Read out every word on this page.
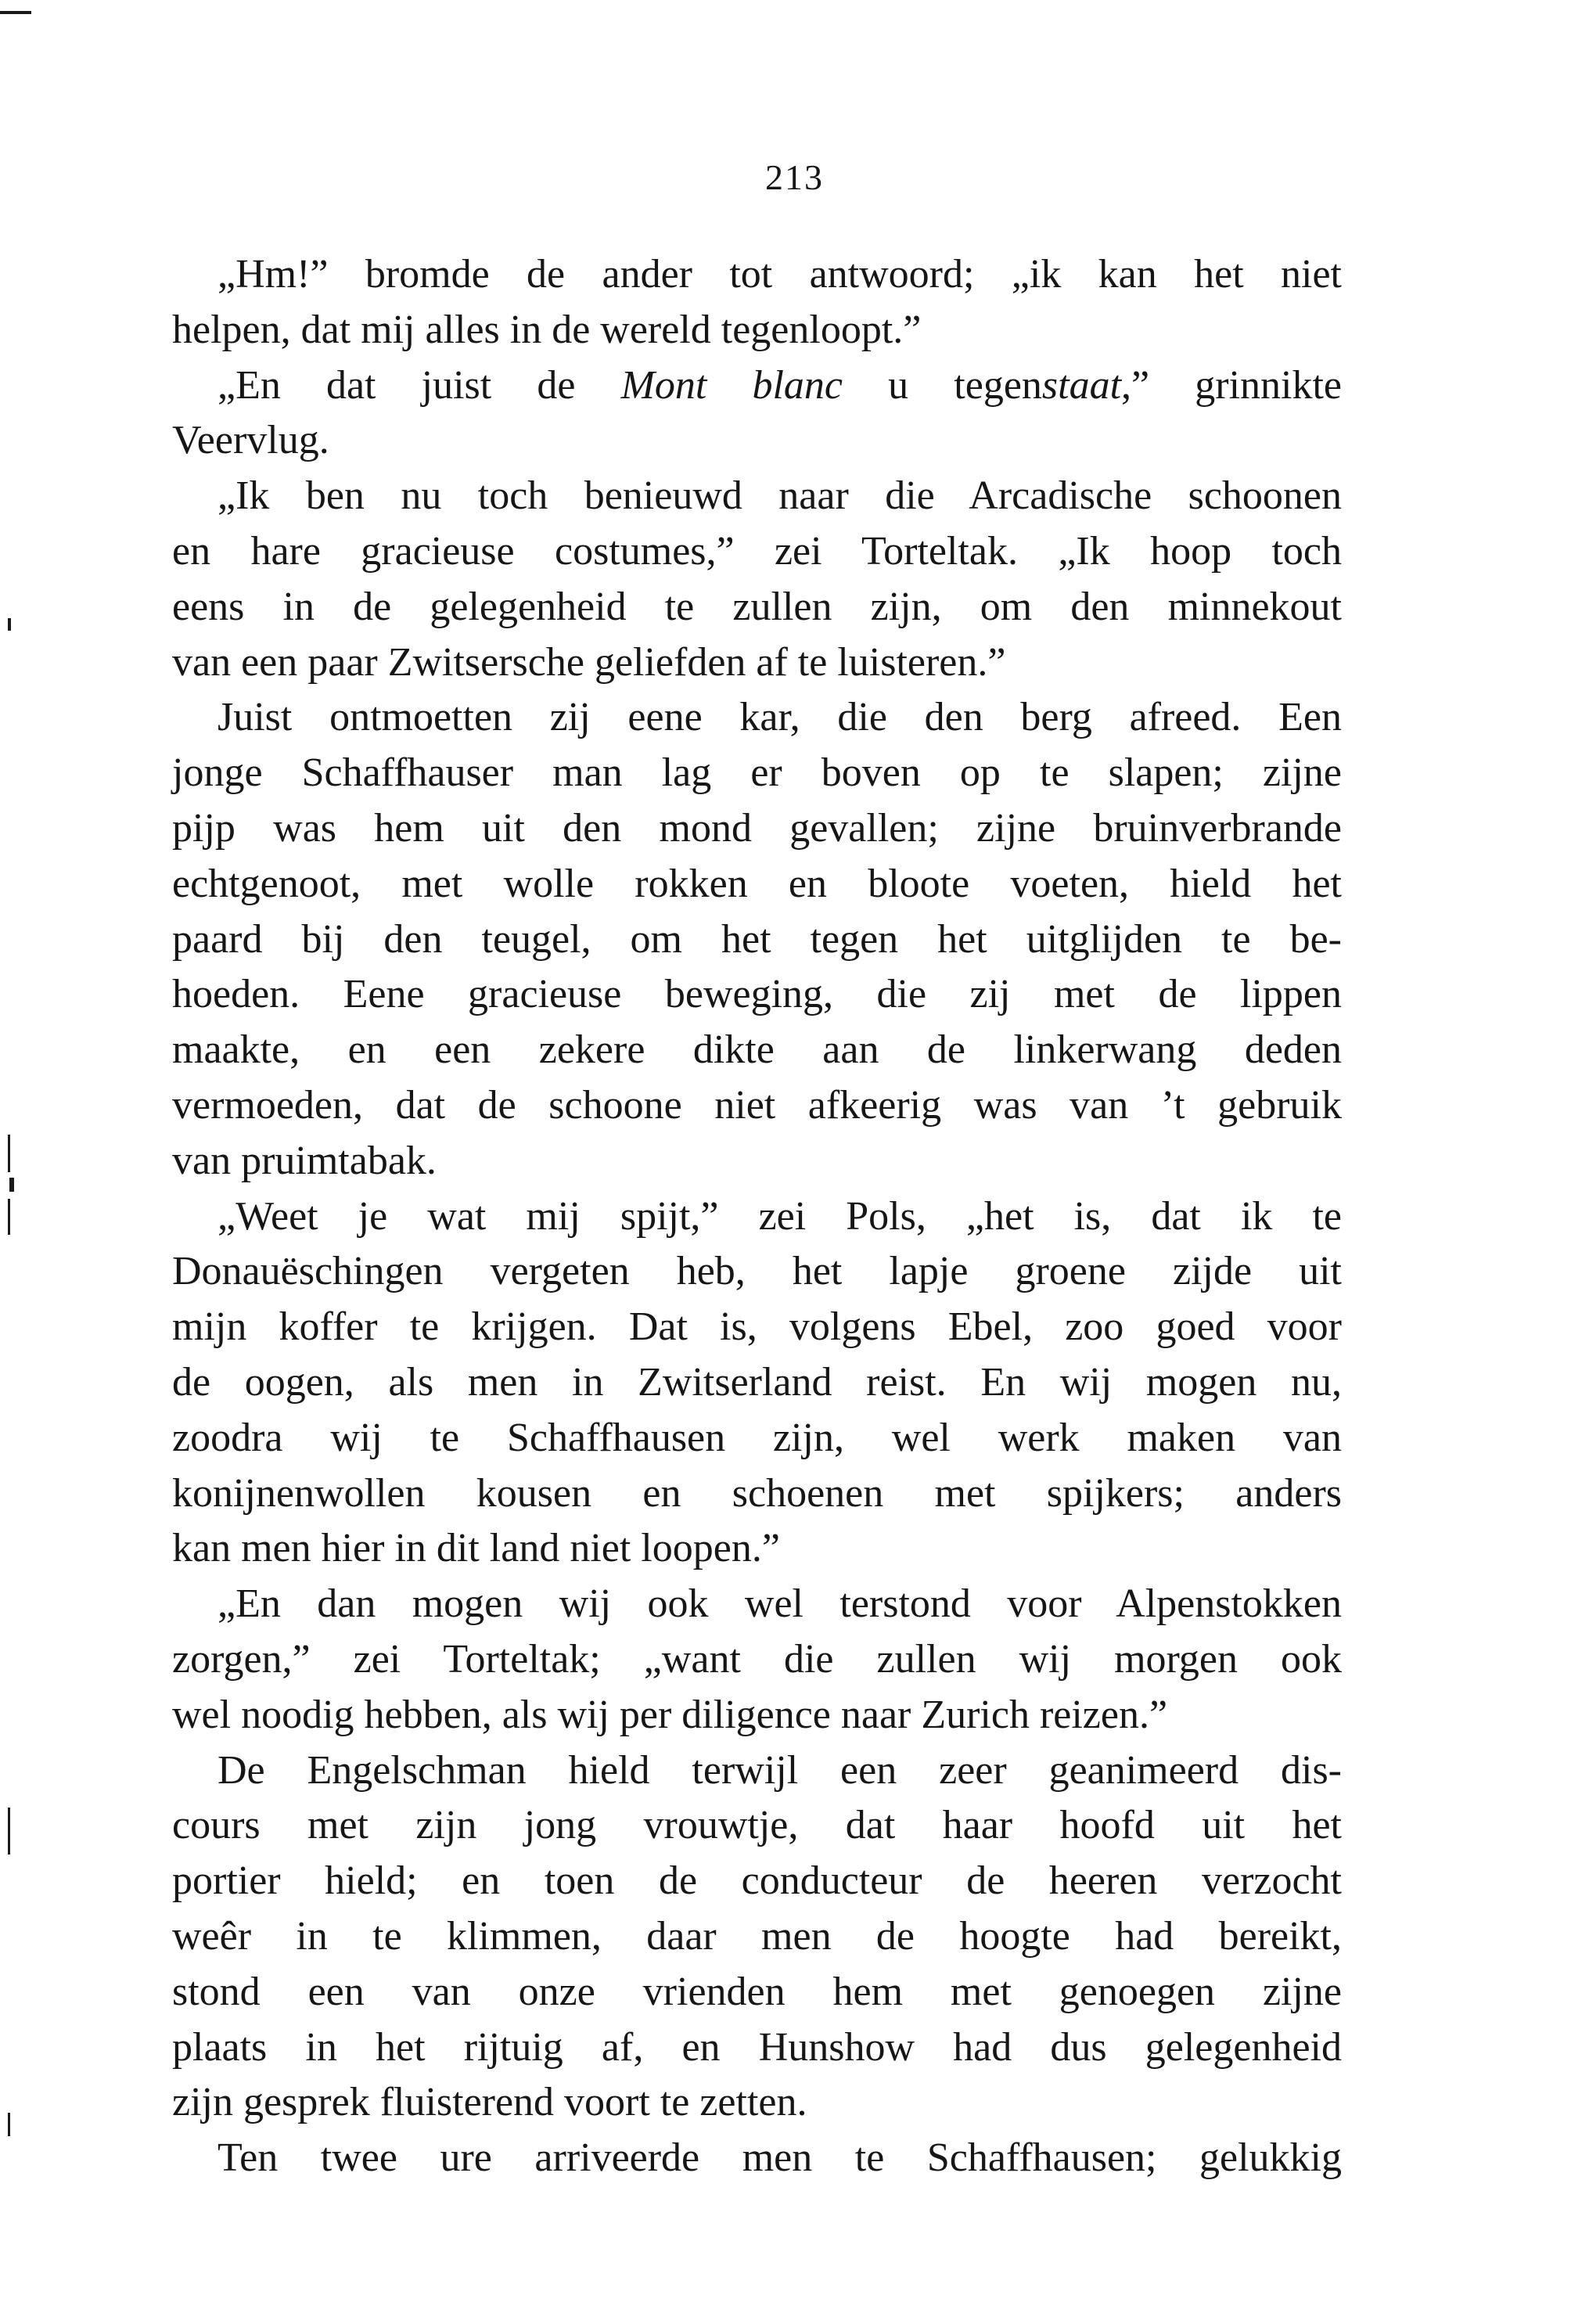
213
„Hm!” bromde de ander tot antwoord; „ik kan het niet
helpen, dat mij alles in de wereld tegenloopt.”
„En dat juist de Mont blanc u tegenstaat,” grinnikte
Veervlug.
„Ik ben nu toch benieuwd naar die Arcadische schoonen
en hare gracieuse costumes,” zei Torteltak. „Ik hoop toch
eens in de gelegenheid te zullen zijn, om den minnekout
van een paar Zwitsersche geliefden af te luisteren.”
Juist ontmoetten zij eene kar, die den berg afreed. Een
jonge Schaffhauser man lag er boven op te slapen; zijne
pijp was hem uit den mond gevallen; zijne bruinverbrande
echtgenoot, met wolle rokken en bloote voeten, hield het
paard bij den teugel, om het tegen het uitglijden te be-
hoeden. Eene gracieuse beweging, die zij met de lippen
maakte, en een zekere dikte aan de linkerwang deden
vermoeden, dat de schoone niet afkeerig was van ’t gebruik
van pruimtabak.
„Weet je wat mij spijt,” zei Pols, „het is, dat ik te
Donauëschingen vergeten heb, het lapje groene zijde uit
mijn koffer te krijgen. Dat is, volgens Ebel, zoo goed voor
de oogen, als men in Zwitserland reist. En wij mogen nu,
zoodra wij te Schaffhausen zijn, wel werk maken van
konijnenwollen kousen en schoenen met spijkers; anders
kan men hier in dit land niet loopen.”
„En dan mogen wij ook wel terstond voor Alpenstokken
zorgen,” zei Torteltak; „want die zullen wij morgen ook
wel noodig hebben, als wij per diligence naar Zurich reizen.”
De Engelschman hield terwijl een zeer geanimeerd dis-
cours met zijn jong vrouwtje, dat haar hoofd uit het
portier hield; en toen de conducteur de heeren verzocht
weêr in te klimmen, daar men de hoogte had bereikt,
stond een van onze vrienden hem met genoegen zijne
plaats in het rijtuig af, en Hunshow had dus gelegenheid
zijn gesprek fluisterend voort te zetten.
Ten twee ure arriveerde men te Schaffhausen; gelukkig
